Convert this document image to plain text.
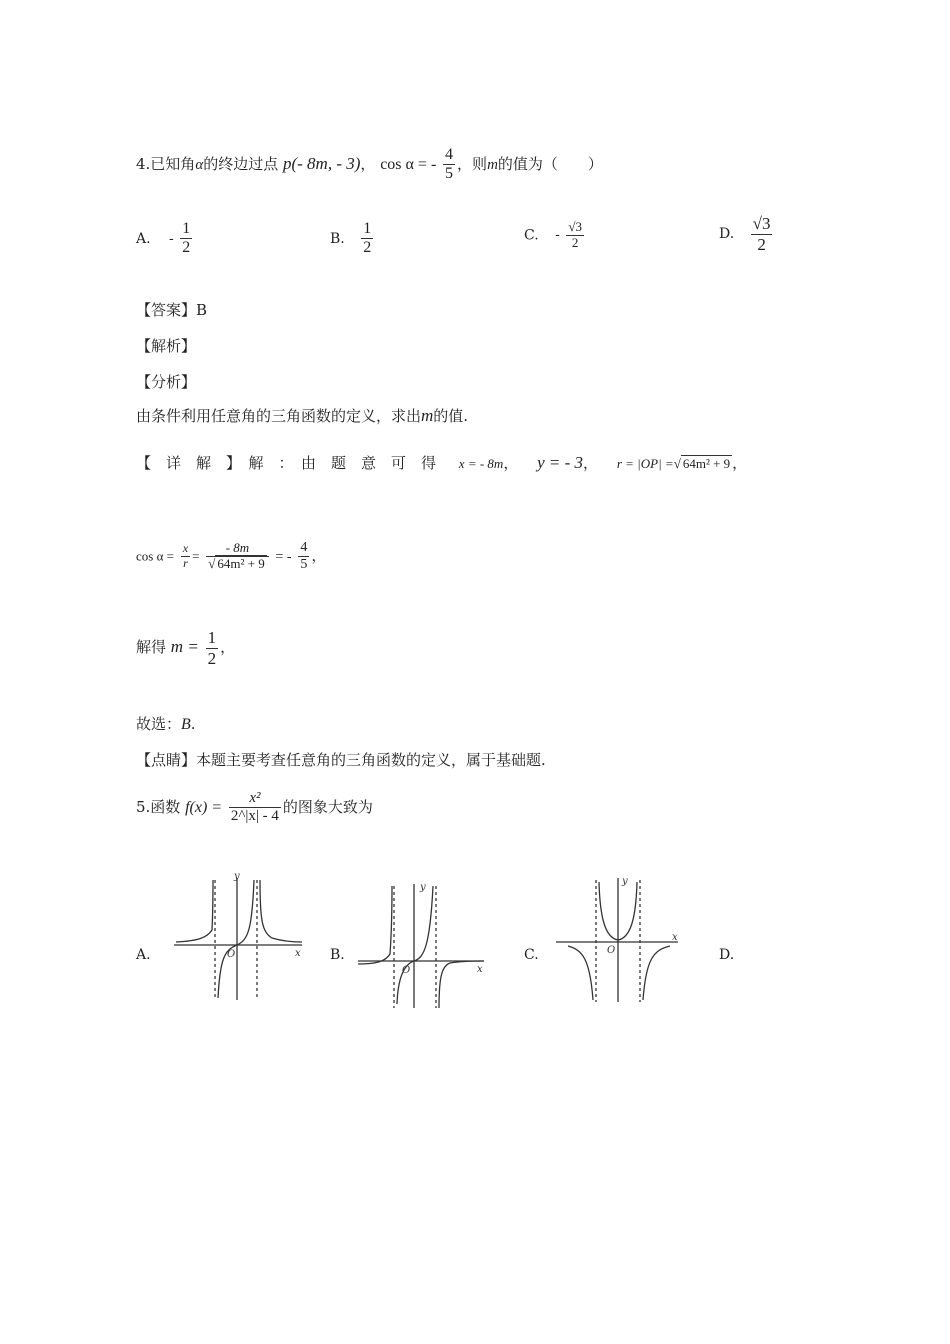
4.已知角α的终边过点 p(- 8m, - 3)， cos α = - $\frac{4}{5}$ ，则m的值为（　　）
A. - $\frac{1}{2}$	B. $\frac{1}{2}$	C. - $\frac{√3}{2}$	D. $\frac{√3}{2}$
【答案】B
【解析】
【分析】
由条件利用任意角的三角函数的定义，求出m的值.
【　详　解　】　解　：　由　题　意　可　得 x = - 8m， y = - 3， r = |OP| =√ 64m² + 9 ，
$\cos \alpha = \frac{x}{r} = \frac{- 8m}{\text{√ 64m² + 9}}$ = - $\frac{4}{5}$ ，
解得 $m = \frac{1}{2}$ ，
故选：B.
【点睛】本题主要考查任意角的三角函数的定义，属于基础题.
5.函数 $f(x) = \frac{\text{x²}}{2\^{}|x| - 4}$ 的图象大致为
A.	B.	C.	D.
y
x
O
y
x
O
y
x
O
